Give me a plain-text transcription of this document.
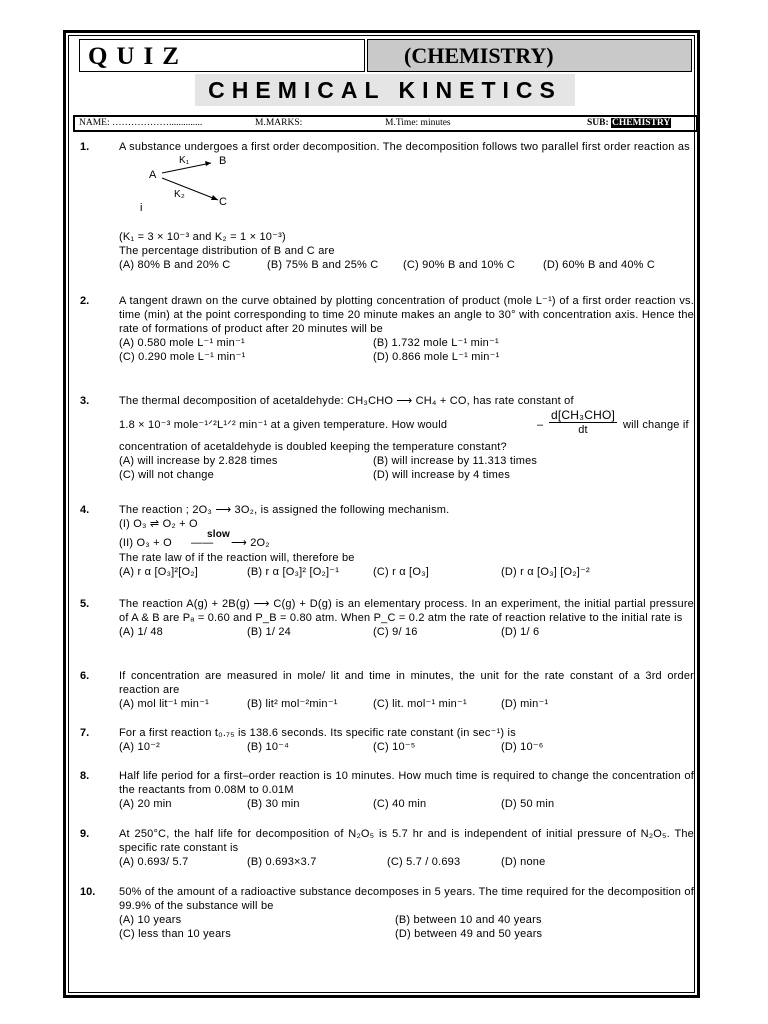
QUIZ	(CHEMISTRY)
CHEMICAL KINETICS
NAME: ………………..............	M.MARKS:	M.Time: minutes	SUB: CHEMISTRY
1.	A substance undergoes a first order decomposition. The decomposition follows two parallel first order reaction as

A
K₁	B
K₂
C
i

(K₁ = 3 × 10⁻³ and K₂ = 1 × 10⁻³)

The percentage distribution of B and C are

(A) 80% B and 20% C	(B) 75% B and 25% C (C) 90% B and 10% C	(D) 60% B and 40% C
2.	A tangent drawn on the curve obtained by plotting concentration of product (mole L⁻¹) of a first order reaction vs. time (min) at the point corresponding to time 20 minute makes an angle to 30° with concentration axis. Hence the rate of formations of product after 20 minutes will be

(A) 0.580 mole L⁻¹ min⁻¹	(B) 1.732 mole L⁻¹ min⁻¹
(C) 0.290 mole L⁻¹ min⁻¹	(D) 0.866 mole L⁻¹ min⁻¹
3.	The thermal decomposition of acetaldehyde: CH₃CHO ⟶ CH₄ + CO, has rate constant of

1.8 × 10⁻³ mole⁻¹ᐟ²L¹ᐟ² min⁻¹ at a given temperature. How would	–
d[CH₃CHO]
dt	will change if

concentration of acetaldehyde is doubled keeping the temperature constant?

(A) will increase by 2.828 times	(B) will increase by 11.313 times
(C) will not change	(D) will increase by 4 times
4.	The reaction ; 2O₃ ⟶ 3O₂, is assigned the following mechanism.

(I) O₃ ⇌ O₂ + O

(II) O₃ + O
slow
—— ⟶ 2O₂

The rate law of if the reaction will, therefore be

(A) r α [O₃]²[O₂]	(B) r α [O₃]² [O₂]⁻¹	(C) r α [O₃]	(D) r α [O₃] [O₂]⁻²
5.	The reaction A(g) + 2B(g) ⟶ C(g) + D(g) is an elementary process. In an experiment, the initial partial pressure of A & B are Pₐ = 0.60 and P_B = 0.80 atm. When P_C = 0.2 atm the rate of reaction relative to the initial rate is

(A) 1/ 48	(B) 1/ 24	(C) 9/ 16	(D) 1/ 6
6.	If concentration are measured in mole/ lit and time in minutes, the unit for the rate constant of a 3rd order reaction are

(A) mol lit⁻¹ min⁻¹	(B) lit² mol⁻²min⁻¹	(C) lit. mol⁻¹ min⁻¹	(D) min⁻¹
7.	For a first reaction t₀.₇₅ is 138.6 seconds. Its specific rate constant (in sec⁻¹) is

(A) 10⁻²	(B) 10⁻⁴	(C) 10⁻⁵	(D) 10⁻⁶
8.	Half life period for a first–order reaction is 10 minutes. How much time is required to change the concentration of the reactants from 0.08M to 0.01M

(A) 20 min	(B) 30 min	(C) 40 min	(D) 50 min
9.	At 250°C, the half life for decomposition of N₂O₅ is 5.7 hr and is independent of initial pressure of N₂O₅. The specific rate constant is

(A) 0.693/ 5.7	(B) 0.693×3.7	(C) 5.7 / 0.693	(D) none
10. 50% of the amount of a radioactive substance decomposes in 5 years. The time required for the decomposition of 99.9% of the substance will be

(A) 10 years	(B) between 10 and 40 years
(C) less than 10 years	(D) between 49 and 50 years
